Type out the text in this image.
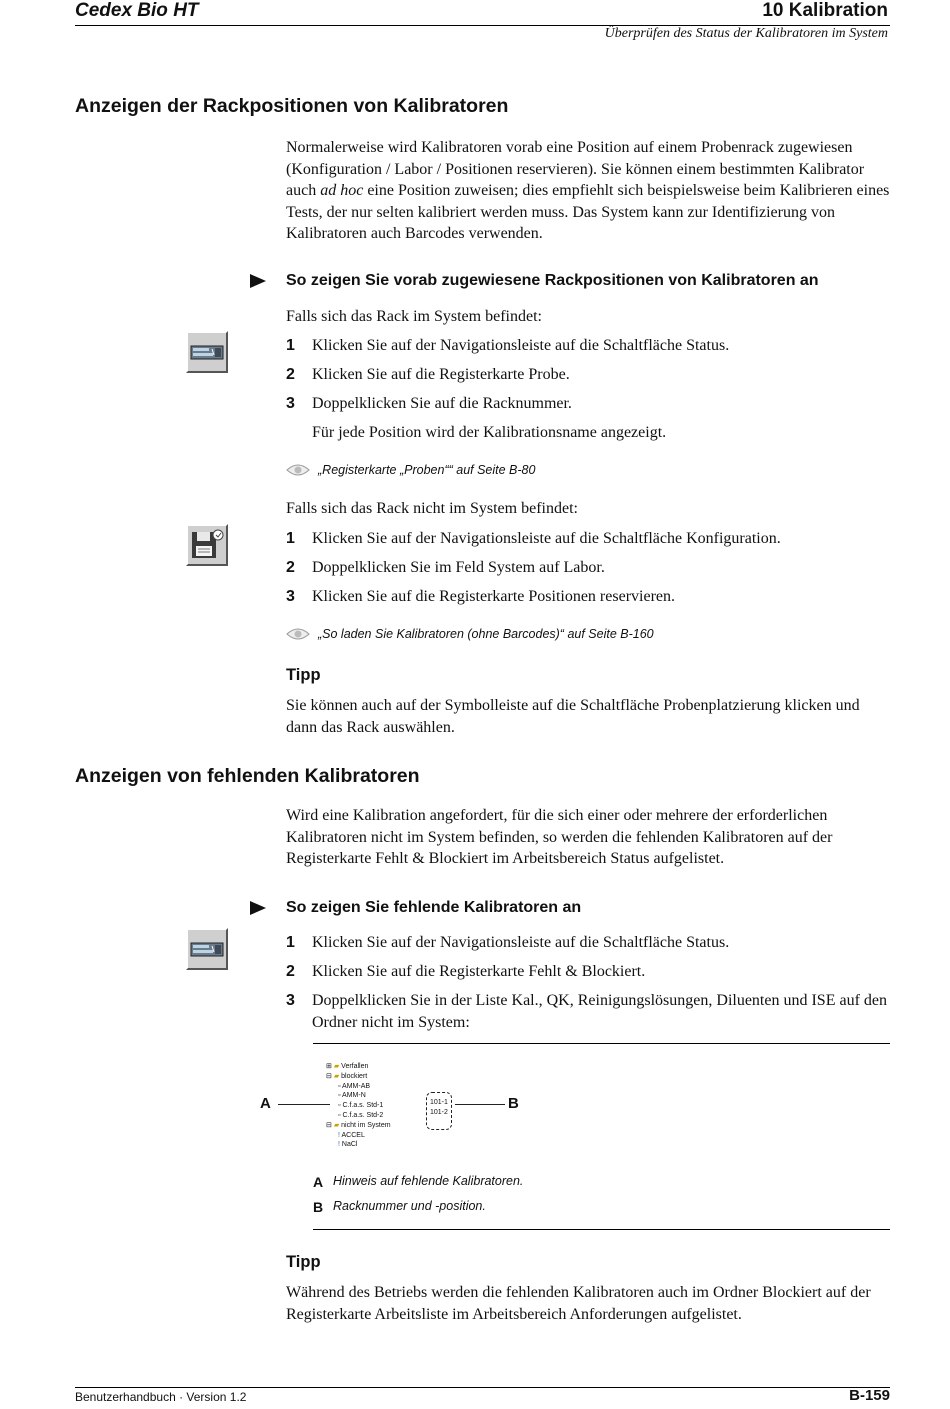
Cedex Bio HT	10 Kalibration
Überprüfen des Status der Kalibratoren im System
Anzeigen der Rackpositionen von Kalibratoren
Normalerweise wird Kalibratoren vorab eine Position auf einem Probenrack zugewiesen (Konfiguration / Labor / Positionen reservieren). Sie können einem bestimmten Kalibrator auch ad hoc eine Position zuweisen; dies empfiehlt sich beispielsweise beim Kalibrieren eines Tests, der nur selten kalibriert werden muss. Das System kann zur Identifizierung von Kalibratoren auch Barcodes verwenden.
So zeigen Sie vorab zugewiesene Rackpositionen von Kalibratoren an
Falls sich das Rack im System befindet:
1	Klicken Sie auf der Navigationsleiste auf die Schaltfläche Status.
2	Klicken Sie auf die Registerkarte Probe.
3	Doppelklicken Sie auf die Racknummer.
Für jede Position wird der Kalibrationsname angezeigt.
„Registerkarte „Proben““ auf Seite B-80
Falls sich das Rack nicht im System befindet:
1	Klicken Sie auf der Navigationsleiste auf die Schaltfläche Konfiguration.
2	Doppelklicken Sie im Feld System auf Labor.
3	Klicken Sie auf die Registerkarte Positionen reservieren.
„So laden Sie Kalibratoren (ohne Barcodes)“ auf Seite B-160
Tipp
Sie können auch auf der Symbolleiste auf die Schaltfläche Probenplatzierung klicken und dann das Rack auswählen.
Anzeigen von fehlenden Kalibratoren
Wird eine Kalibration angefordert, für die sich einer oder mehrere der erforderlichen Kalibratoren nicht im System befinden, so werden die fehlenden Kalibratoren auf der Registerkarte Fehlt & Blockiert im Arbeitsbereich Status aufgelistet.
So zeigen Sie fehlende Kalibratoren an
1	Klicken Sie auf der Navigationsleiste auf die Schaltfläche Status.
2	Klicken Sie auf die Registerkarte Fehlt & Blockiert.
3	Doppelklicken Sie in der Liste Kal., QK, Reinigungslösungen, Diluenten und ISE auf den Ordner nicht im System:
A	B
⊞ ▰ Verfallen
⊟ ▰ blockiert
▫ AMM-AB
▫ AMM-N
▫ C.f.a.s. Std-1
▫ C.f.a.s. Std-2
⊟ ▰ nicht im System
! ACCEL
! NaCl
101-1
101-2
A Hinweis auf fehlende Kalibratoren.
B Racknummer und -position.
Tipp
Während des Betriebs werden die fehlenden Kalibratoren auch im Ordner Blockiert auf der Registerkarte Arbeitsliste im Arbeitsbereich Anforderungen aufgelistet.
Benutzerhandbuch · Version 1.2	B-159
